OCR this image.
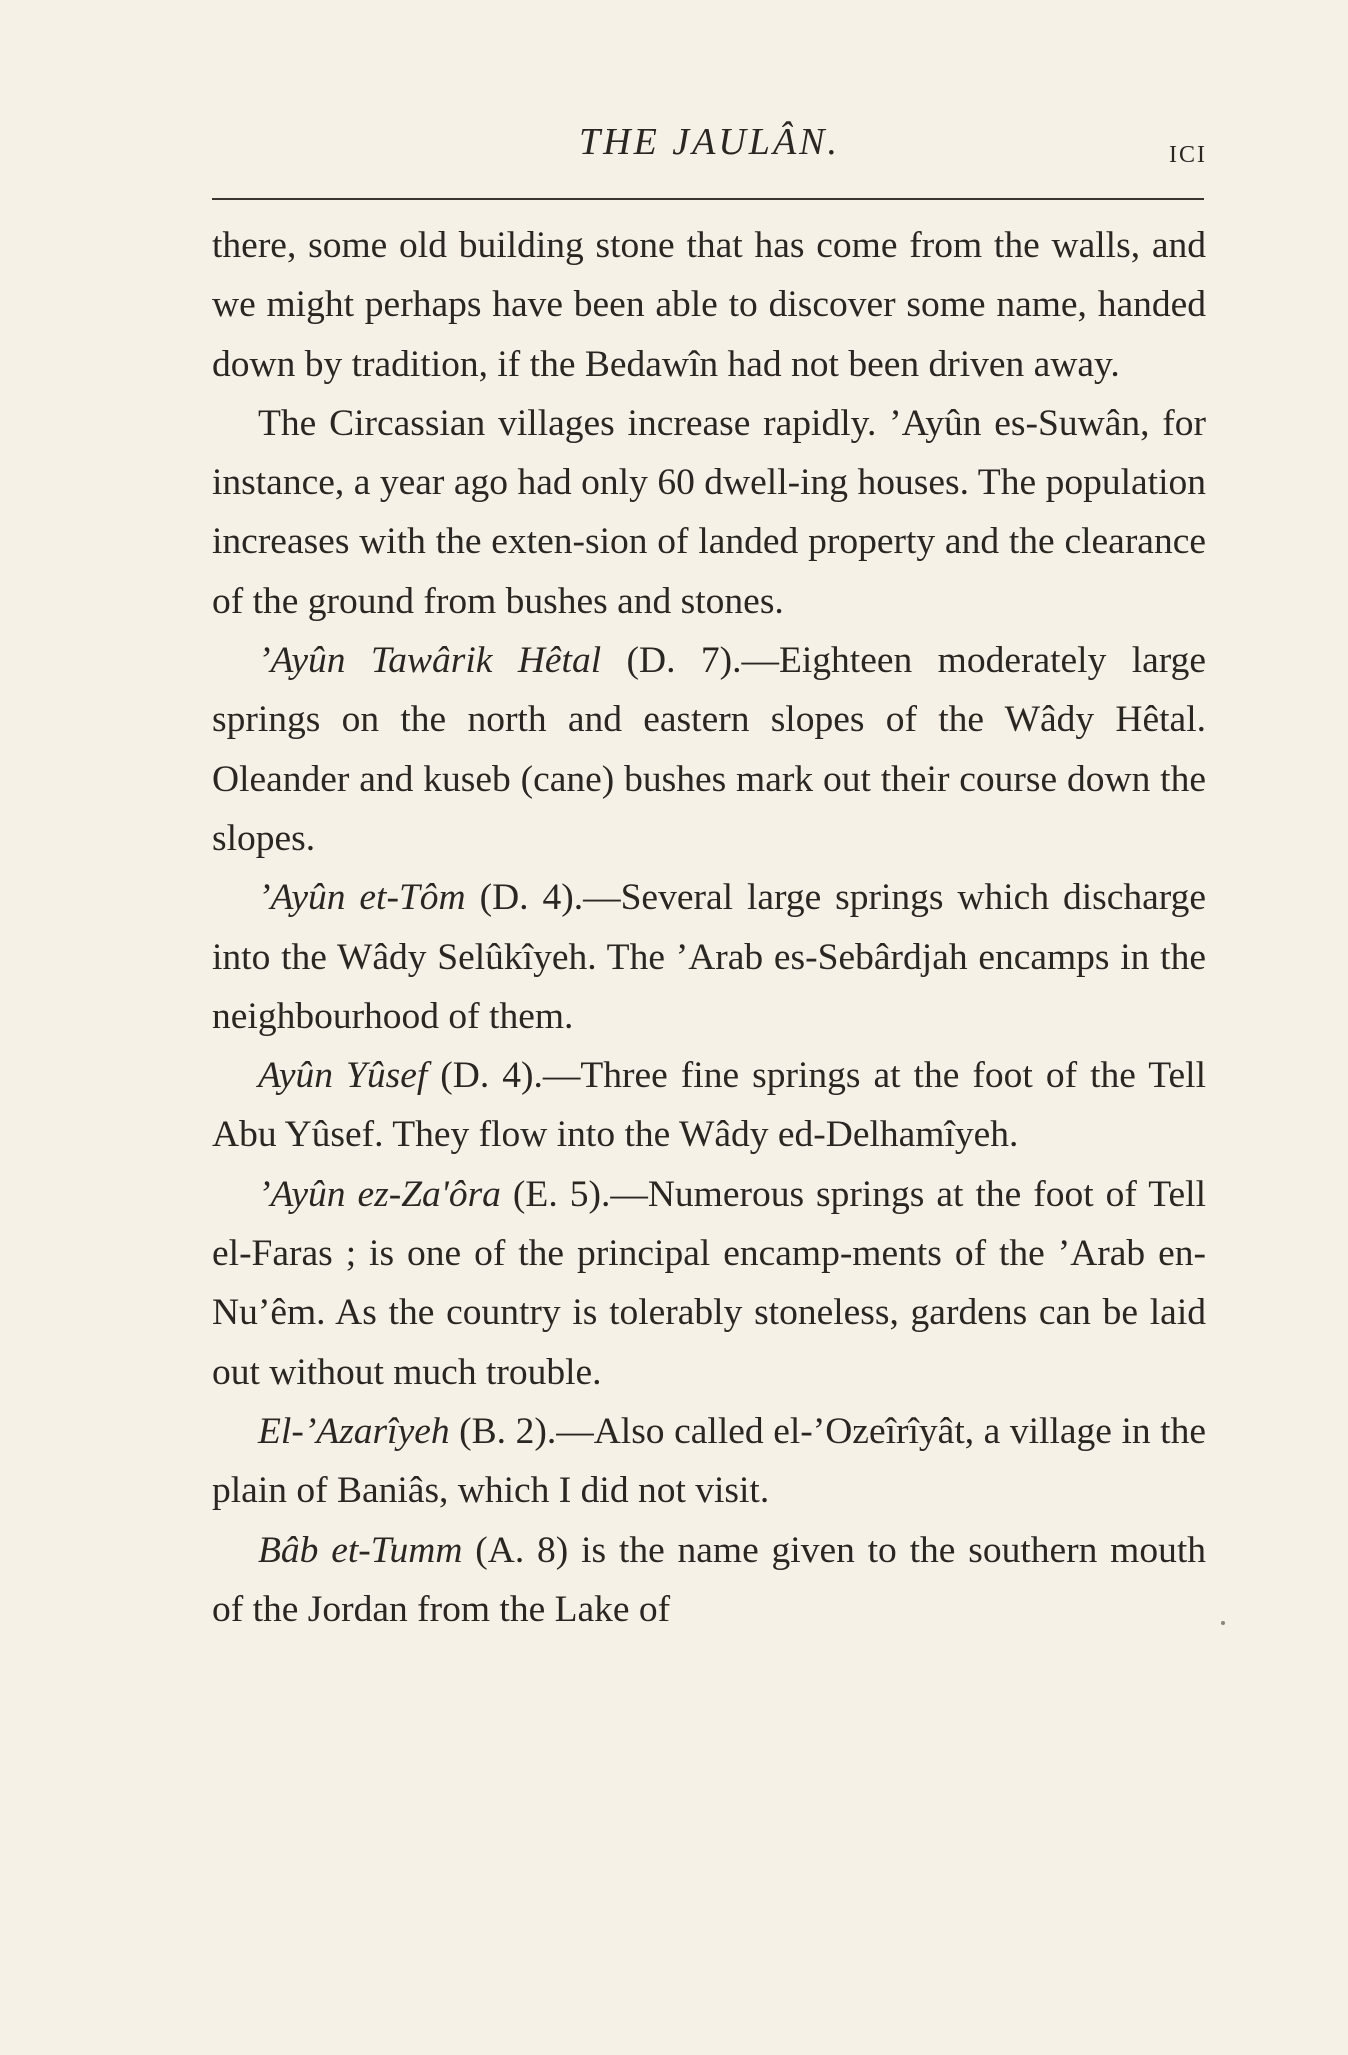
THE JAULÂN.	ICI

there, some old building stone that has come from the walls, and we might perhaps have been able to discover some name, handed down by tradition, if the Bedawîn had not been driven away.

The Circassian villages increase rapidly. ’Ayûn es-Suwân, for instance, a year ago had only 60 dwell-ing houses. The population increases with the exten-sion of landed property and the clearance of the ground from bushes and stones.

’Ayûn Tawârik Hêtal (D. 7).—Eighteen moderately large springs on the north and eastern slopes of the Wâdy Hêtal. Oleander and kuseb (cane) bushes mark out their course down the slopes.

’Ayûn et-Tôm (D. 4).—Several large springs which discharge into the Wâdy Selûkîyeh. The ’Arab es-Sebârdjah encamps in the neighbourhood of them.

Ayûn Yûsef (D. 4).—Three fine springs at the foot of the Tell Abu Yûsef. They flow into the Wâdy ed-Delhamîyeh.

’Ayûn ez-Za'ôra (E. 5).—Numerous springs at the foot of Tell el-Faras ; is one of the principal encamp-ments of the ’Arab en-Nu’êm. As the country is tolerably stoneless, gardens can be laid out without much trouble.

El-’Azarîyeh (B. 2).—Also called el-’Ozeîrîyât, a village in the plain of Baniâs, which I did not visit.

Bâb et-Tumm (A. 8) is the name given to the southern mouth of the Jordan from the Lake of
